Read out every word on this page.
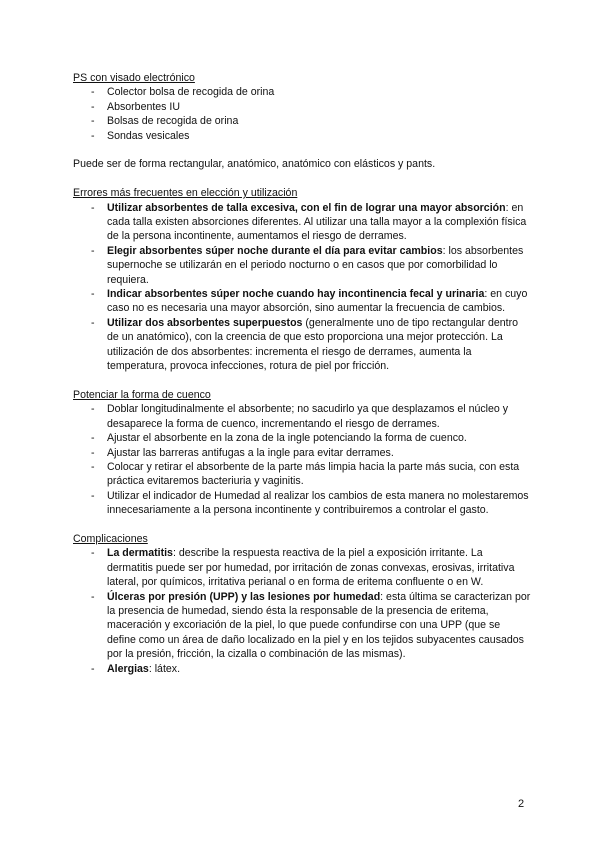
PS con visado electrónico

- Colector bolsa de recogida de orina
- Absorbentes IU
- Bolsas de recogida de orina
- Sondas vesicales

Puede ser de forma rectangular, anatómico, anatómico con elásticos y pants.

Errores más frecuentes en elección y utilización

- Utilizar absorbentes de talla excesiva, con el fin de lograr una mayor absorción: en cada talla existen absorciones diferentes. Al utilizar una talla mayor a la complexión física de la persona incontinente, aumentamos el riesgo de derrames.
- Elegir absorbentes súper noche durante el día para evitar cambios: los absorbentes supernoche se utilizarán en el periodo nocturno o en casos que por comorbilidad lo requiera.
- Indicar absorbentes súper noche cuando hay incontinencia fecal y urinaria: en cuyo caso no es necesaria una mayor absorción, sino aumentar la frecuencia de cambios.
- Utilizar dos absorbentes superpuestos (generalmente uno de tipo rectangular dentro de un anatómico), con la creencia de que esto proporciona una mejor protección. La utilización de dos absorbentes: incrementa el riesgo de derrames, aumenta la temperatura, provoca infecciones, rotura de piel por fricción.

Potenciar la forma de cuenco

- Doblar longitudinalmente el absorbente; no sacudirlo ya que desplazamos el núcleo y desaparece la forma de cuenco, incrementando el riesgo de derrames.
- Ajustar el absorbente en la zona de la ingle potenciando la forma de cuenco.
- Ajustar las barreras antifugas a la ingle para evitar derrames.
- Colocar y retirar el absorbente de la parte más limpia hacia la parte más sucia, con esta práctica evitaremos bacteriuria y vaginitis.
- Utilizar el indicador de Humedad al realizar los cambios de esta manera no molestaremos innecesariamente a la persona incontinente y contribuiremos a controlar el gasto.

Complicaciones

- La dermatitis: describe la respuesta reactiva de la piel a exposición irritante. La dermatitis puede ser por humedad, por irritación de zonas convexas, erosivas, irritativa lateral, por químicos, irritativa perianal o en forma de eritema confluente o en W.
- Úlceras por presión (UPP) y las lesiones por humedad: esta última se caracterizan por la presencia de humedad, siendo ésta la responsable de la presencia de eritema, maceración y excoriación de la piel, lo que puede confundirse con una UPP (que se define como un área de daño localizado en la piel y en los tejidos subyacentes causados por la presión, fricción, la cizalla o combinación de las mismas).
- Alergias: látex.
2
